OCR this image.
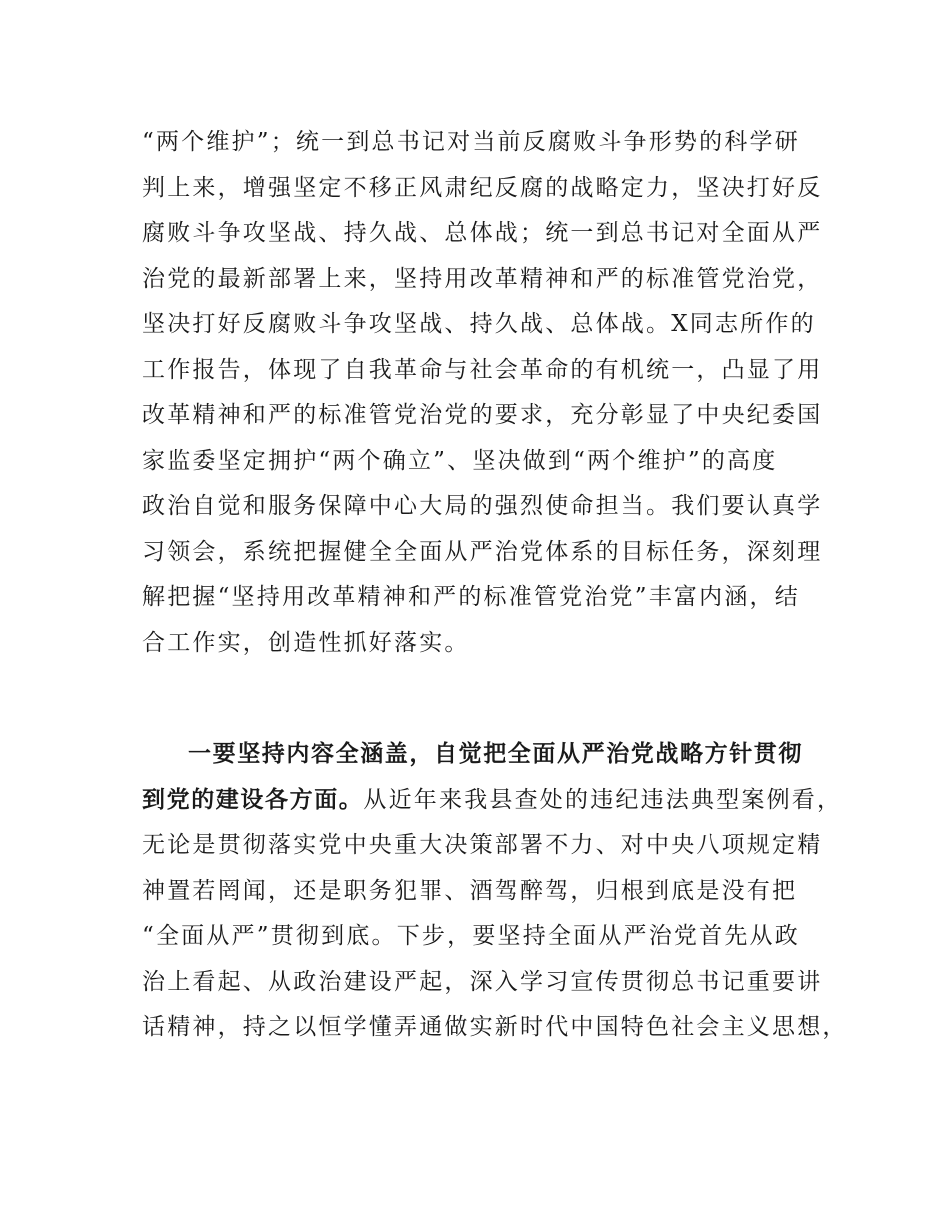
“两个维护”；统一到总书记对当前反腐败斗争形势的科学研
判上来，增强坚定不移正风肃纪反腐的战略定力，坚决打好反
腐败斗争攻坚战、持久战、总体战；统一到总书记对全面从严
治党的最新部署上来，坚持用改革精神和严的标准管党治党，
坚决打好反腐败斗争攻坚战、持久战、总体战。X同志所作的
工作报告，体现了自我革命与社会革命的有机统一，凸显了用
改革精神和严的标准管党治党的要求，充分彰显了中央纪委国
家监委坚定拥护“两个确立”、坚决做到“两个维护”的高度
政治自觉和服务保障中心大局的强烈使命担当。我们要认真学
习领会，系统把握健全全面从严治党体系的目标任务，深刻理
解把握“坚持用改革精神和严的标准管党治党”丰富内涵，结
合工作实，创造性抓好落实。
一要坚持内容全涵盖，自觉把全面从严治党战略方针贯彻
到党的建设各方面。从近年来我县查处的违纪违法典型案例看，
无论是贯彻落实党中央重大决策部署不力、对中央八项规定精
神置若罔闻，还是职务犯罪、酒驾醉驾，归根到底是没有把
“全面从严”贯彻到底。下步，要坚持全面从严治党首先从政
治上看起、从政治建设严起，深入学习宣传贯彻总书记重要讲
话精神，持之以恒学懂弄通做实新时代中国特色社会主义思想，
